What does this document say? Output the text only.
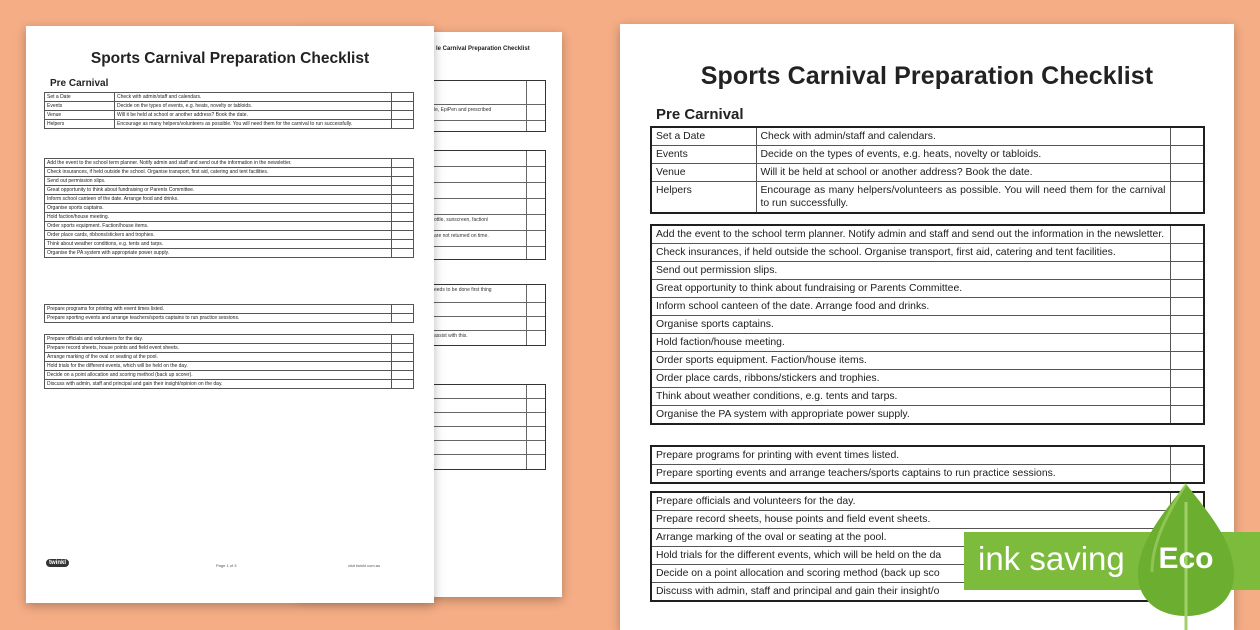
le Carnival Preparation Checklist
le, EpiPen and prescribed
ottle, sunscreen, faction/
are not returned on time.
eeds to be done first thing
assist with this.
Sports Carnival Preparation Checklist
Pre Carnival
Set a Date	Check with admin/staff and calendars.	
Events	Decide on the types of events, e.g. heats, novelty or tabloids.	
Venue	Will it be held at school or another address? Book the date.	
Helpers	Encourage as many helpers/volunteers as possible. You will need them for the carnival to run successfully.	
Add the event to the school term planner. Notify admin and staff and send out the information in the newsletter.	
Check insurances, if held outside the school. Organise transport, first aid, catering and tent facilities.	
Send out permission slips.	
Great opportunity to think about fundraising or Parents Committee.	
Inform school canteen of the date. Arrange food and drinks.	
Organise sports captains.	
Hold faction/house meeting.	
Order sports equipment. Faction/house items.	
Order place cards, ribbons/stickers and trophies.	
Think about weather conditions, e.g. tents and tarps.	
Organise the PA system with appropriate power supply.	
Prepare programs for printing with event times listed.	
Prepare sporting events and arrange teachers/sports captains to run practice sessions.	
Prepare officials and volunteers for the day.	
Prepare record sheets, house points and field event sheets.	
Arrange marking of the oval or seating at the pool.	
Hold trials for the different events, which will be held on the day.	
Decide on a point allocation and scoring method (back up scorer).	
Discuss with admin, staff and principal and gain their insight/opinion on the day.	
twinkl	Page 1 of 3	visit twinkl.com.au
Sports Carnival Preparation Checklist
Pre Carnival
Set a Date	Check with admin/staff and calendars.	
Events	Decide on the types of events, e.g. heats, novelty or tabloids.	
Venue	Will it be held at school or another address? Book the date.	
Helpers	Encourage as many helpers/volunteers as possible. You will need them for the carnival to run successfully.	
Add the event to the school term planner. Notify admin and staff and send out the information in the newsletter.	
Check insurances, if held outside the school. Organise transport, first aid, catering and tent facilities.	
Send out permission slips.	
Great opportunity to think about fundraising or Parents Committee.	
Inform school canteen of the date. Arrange food and drinks.	
Organise sports captains.	
Hold faction/house meeting.	
Order sports equipment. Faction/house items.	
Order place cards, ribbons/stickers and trophies.	
Think about weather conditions, e.g. tents and tarps.	
Organise the PA system with appropriate power supply.	
Prepare programs for printing with event times listed.	
Prepare sporting events and arrange teachers/sports captains to run practice sessions.	
Prepare officials and volunteers for the day.	
Prepare record sheets, house points and field event sheets.	
Arrange marking of the oval or seating at the pool.	
Hold trials for the different events, which will be held on the da	
Decide on a point allocation and scoring method (back up sco	
Discuss with admin, staff and principal and gain their insight/o	
ink saving	Eco
